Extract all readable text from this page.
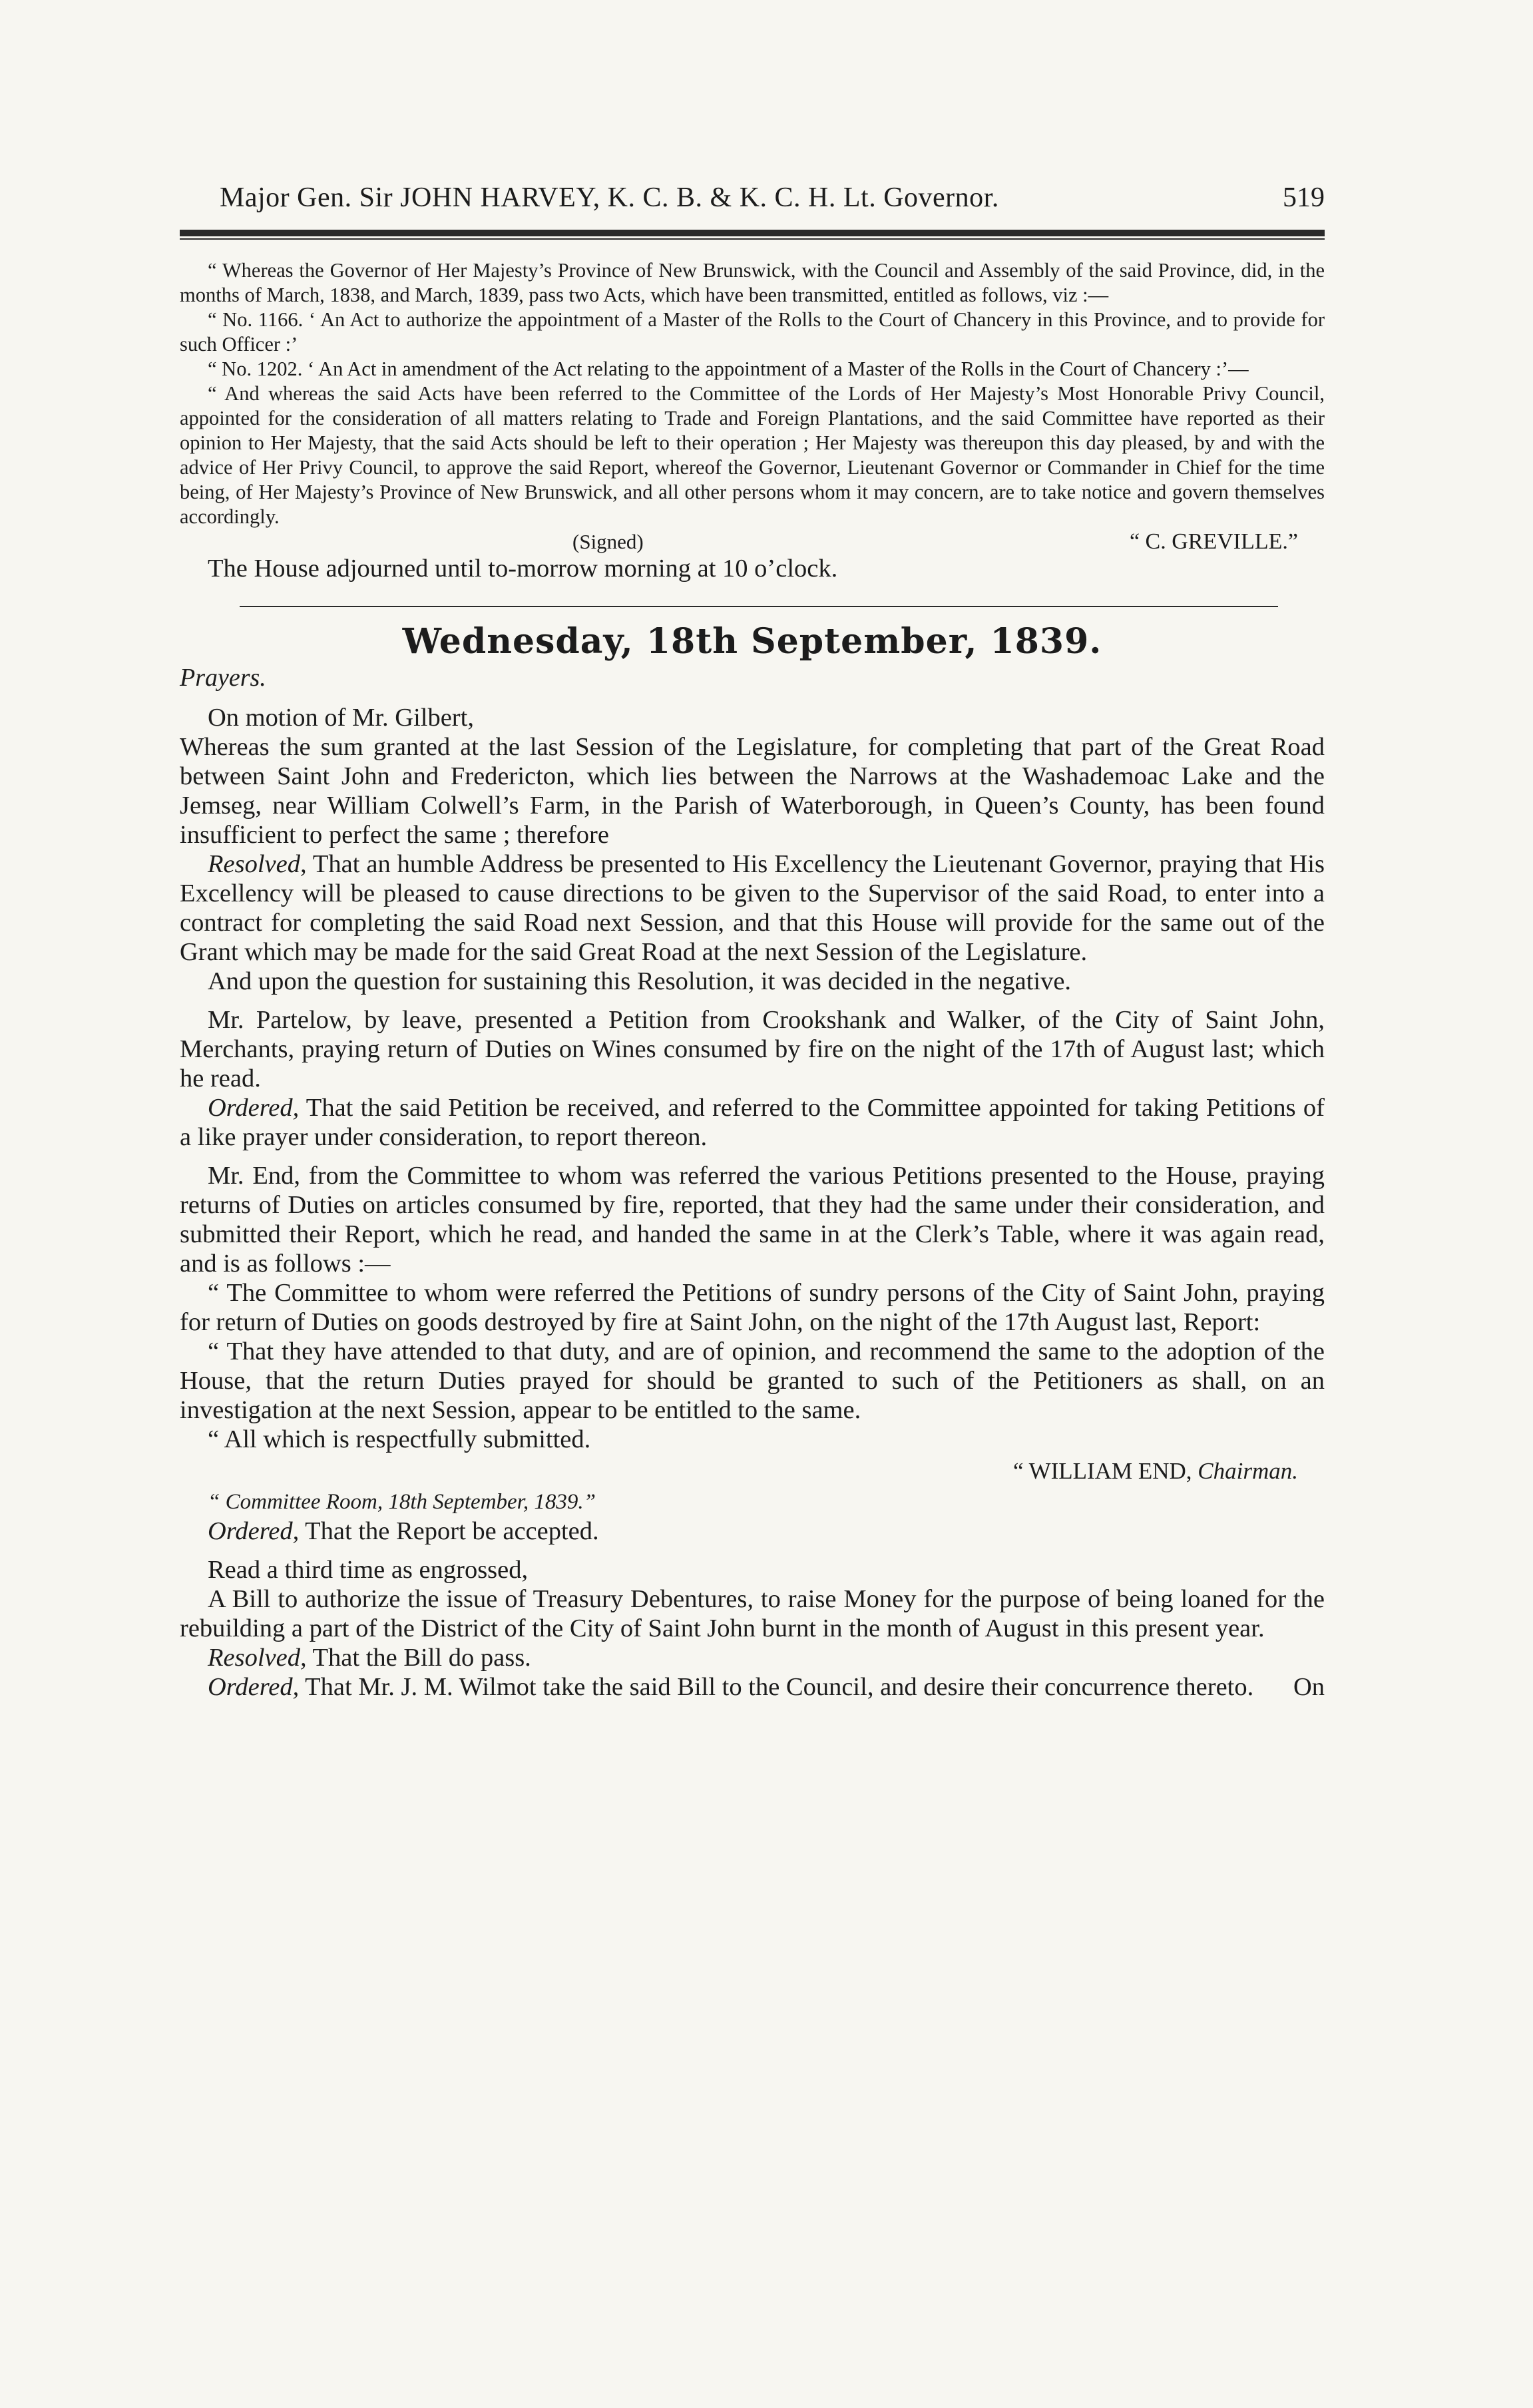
Major Gen. Sir JOHN HARVEY, K. C. B. & K. C. H. Lt. Governor.	519

“ Whereas the Governor of Her Majesty’s Province of New Brunswick, with the Council and Assembly of the said Province, did, in the months of March, 1838, and March, 1839, pass two Acts, which have been transmitted, entitled as follows, viz :—

“ No. 1166. ‘ An Act to authorize the appointment of a Master of the Rolls to the Court of Chancery in this Province, and to provide for such Officer :’

“ No. 1202. ‘ An Act in amendment of the Act relating to the appointment of a Master of the Rolls in the Court of Chancery :’—

“ And whereas the said Acts have been referred to the Committee of the Lords of Her Majesty’s Most Honorable Privy Council, appointed for the consideration of all matters relating to Trade and Foreign Plantations, and the said Committee have reported as their opinion to Her Majesty, that the said Acts should be left to their operation ; Her Majesty was thereupon this day pleased, by and with the advice of Her Privy Council, to approve the said Report, whereof the Governor, Lieutenant Governor or Commander in Chief for the time being, of Her Majesty’s Province of New Brunswick, and all other persons whom it may concern, are to take notice and govern themselves accordingly.

(Signed)	“ C. GREVILLE.”

The House adjourned until to-morrow morning at 10 o’clock.

Wednesday, 18th September, 1839.
Prayers.

On motion of Mr. Gilbert,

Whereas the sum granted at the last Session of the Legislature, for completing that part of the Great Road between Saint John and Fredericton, which lies between the Narrows at the Washademoac Lake and the Jemseg, near William Colwell’s Farm, in the Parish of Waterborough, in Queen’s County, has been found insufficient to perfect the same ; therefore

Resolved, That an humble Address be presented to His Excellency the Lieutenant Governor, praying that His Excellency will be pleased to cause directions to be given to the Supervisor of the said Road, to enter into a contract for completing the said Road next Session, and that this House will provide for the same out of the Grant which may be made for the said Great Road at the next Session of the Legislature.

And upon the question for sustaining this Resolution, it was decided in the negative.

Mr. Partelow, by leave, presented a Petition from Crookshank and Walker, of the City of Saint John, Merchants, praying return of Duties on Wines consumed by fire on the night of the 17th of August last; which he read.

Ordered, That the said Petition be received, and referred to the Committee appointed for taking Petitions of a like prayer under consideration, to report thereon.

Mr. End, from the Committee to whom was referred the various Petitions presented to the House, praying returns of Duties on articles consumed by fire, reported, that they had the same under their consideration, and submitted their Report, which he read, and handed the same in at the Clerk’s Table, where it was again read, and is as follows :—

“ The Committee to whom were referred the Petitions of sundry persons of the City of Saint John, praying for return of Duties on goods destroyed by fire at Saint John, on the night of the 17th August last, Report:

“ That they have attended to that duty, and are of opinion, and recommend the same to the adoption of the House, that the return Duties prayed for should be granted to such of the Petitioners as shall, on an investigation at the next Session, appear to be entitled to the same.

“ All which is respectfully submitted.

“ WILLIAM END, Chairman.

“ Committee Room, 18th September, 1839.”

Ordered, That the Report be accepted.

Read a third time as engrossed,

A Bill to authorize the issue of Treasury Debentures, to raise Money for the purpose of being loaned for the rebuilding a part of the District of the City of Saint John burnt in the month of August in this present year.

Resolved, That the Bill do pass.

Ordered, That Mr. J. M. Wilmot take the said Bill to the Council, and desire their concurrence thereto.	On
